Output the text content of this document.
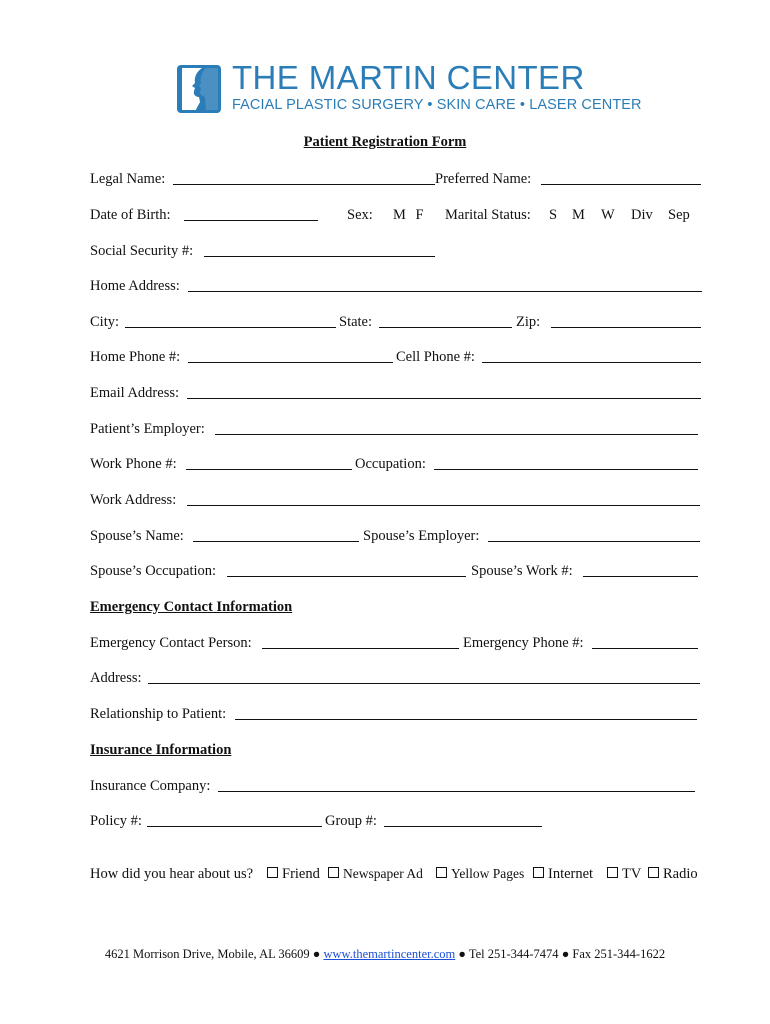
THE MARTIN CENTER
FACIAL PLASTIC SURGERY • SKIN CARE • LASER CENTER
Patient Registration Form
Legal Name:	Preferred Name:
Date of Birth:	Sex: M F Marital Status: S M W Div Sep
Social Security #:
Home Address:
City:	State:	Zip:
Home Phone #:	Cell Phone #:
Email Address:
Patient’s Employer:
Work Phone #:	Occupation:
Work Address:
Spouse’s Name:	Spouse’s Employer:
Spouse’s Occupation:	Spouse’s Work #:
Emergency Contact Information
Emergency Contact Person:	Emergency Phone #:
Address:
Relationship to Patient:
Insurance Information
Insurance Company:
Policy #:	Group #:
How did you hear about us?	Friend	Newspaper Ad	Yellow Pages	Internet	TV	Radio
4621 Morrison Drive, Mobile, AL 36609 ● www.themartincenter.com ● Tel 251-344-7474 ● Fax 251-344-1622
